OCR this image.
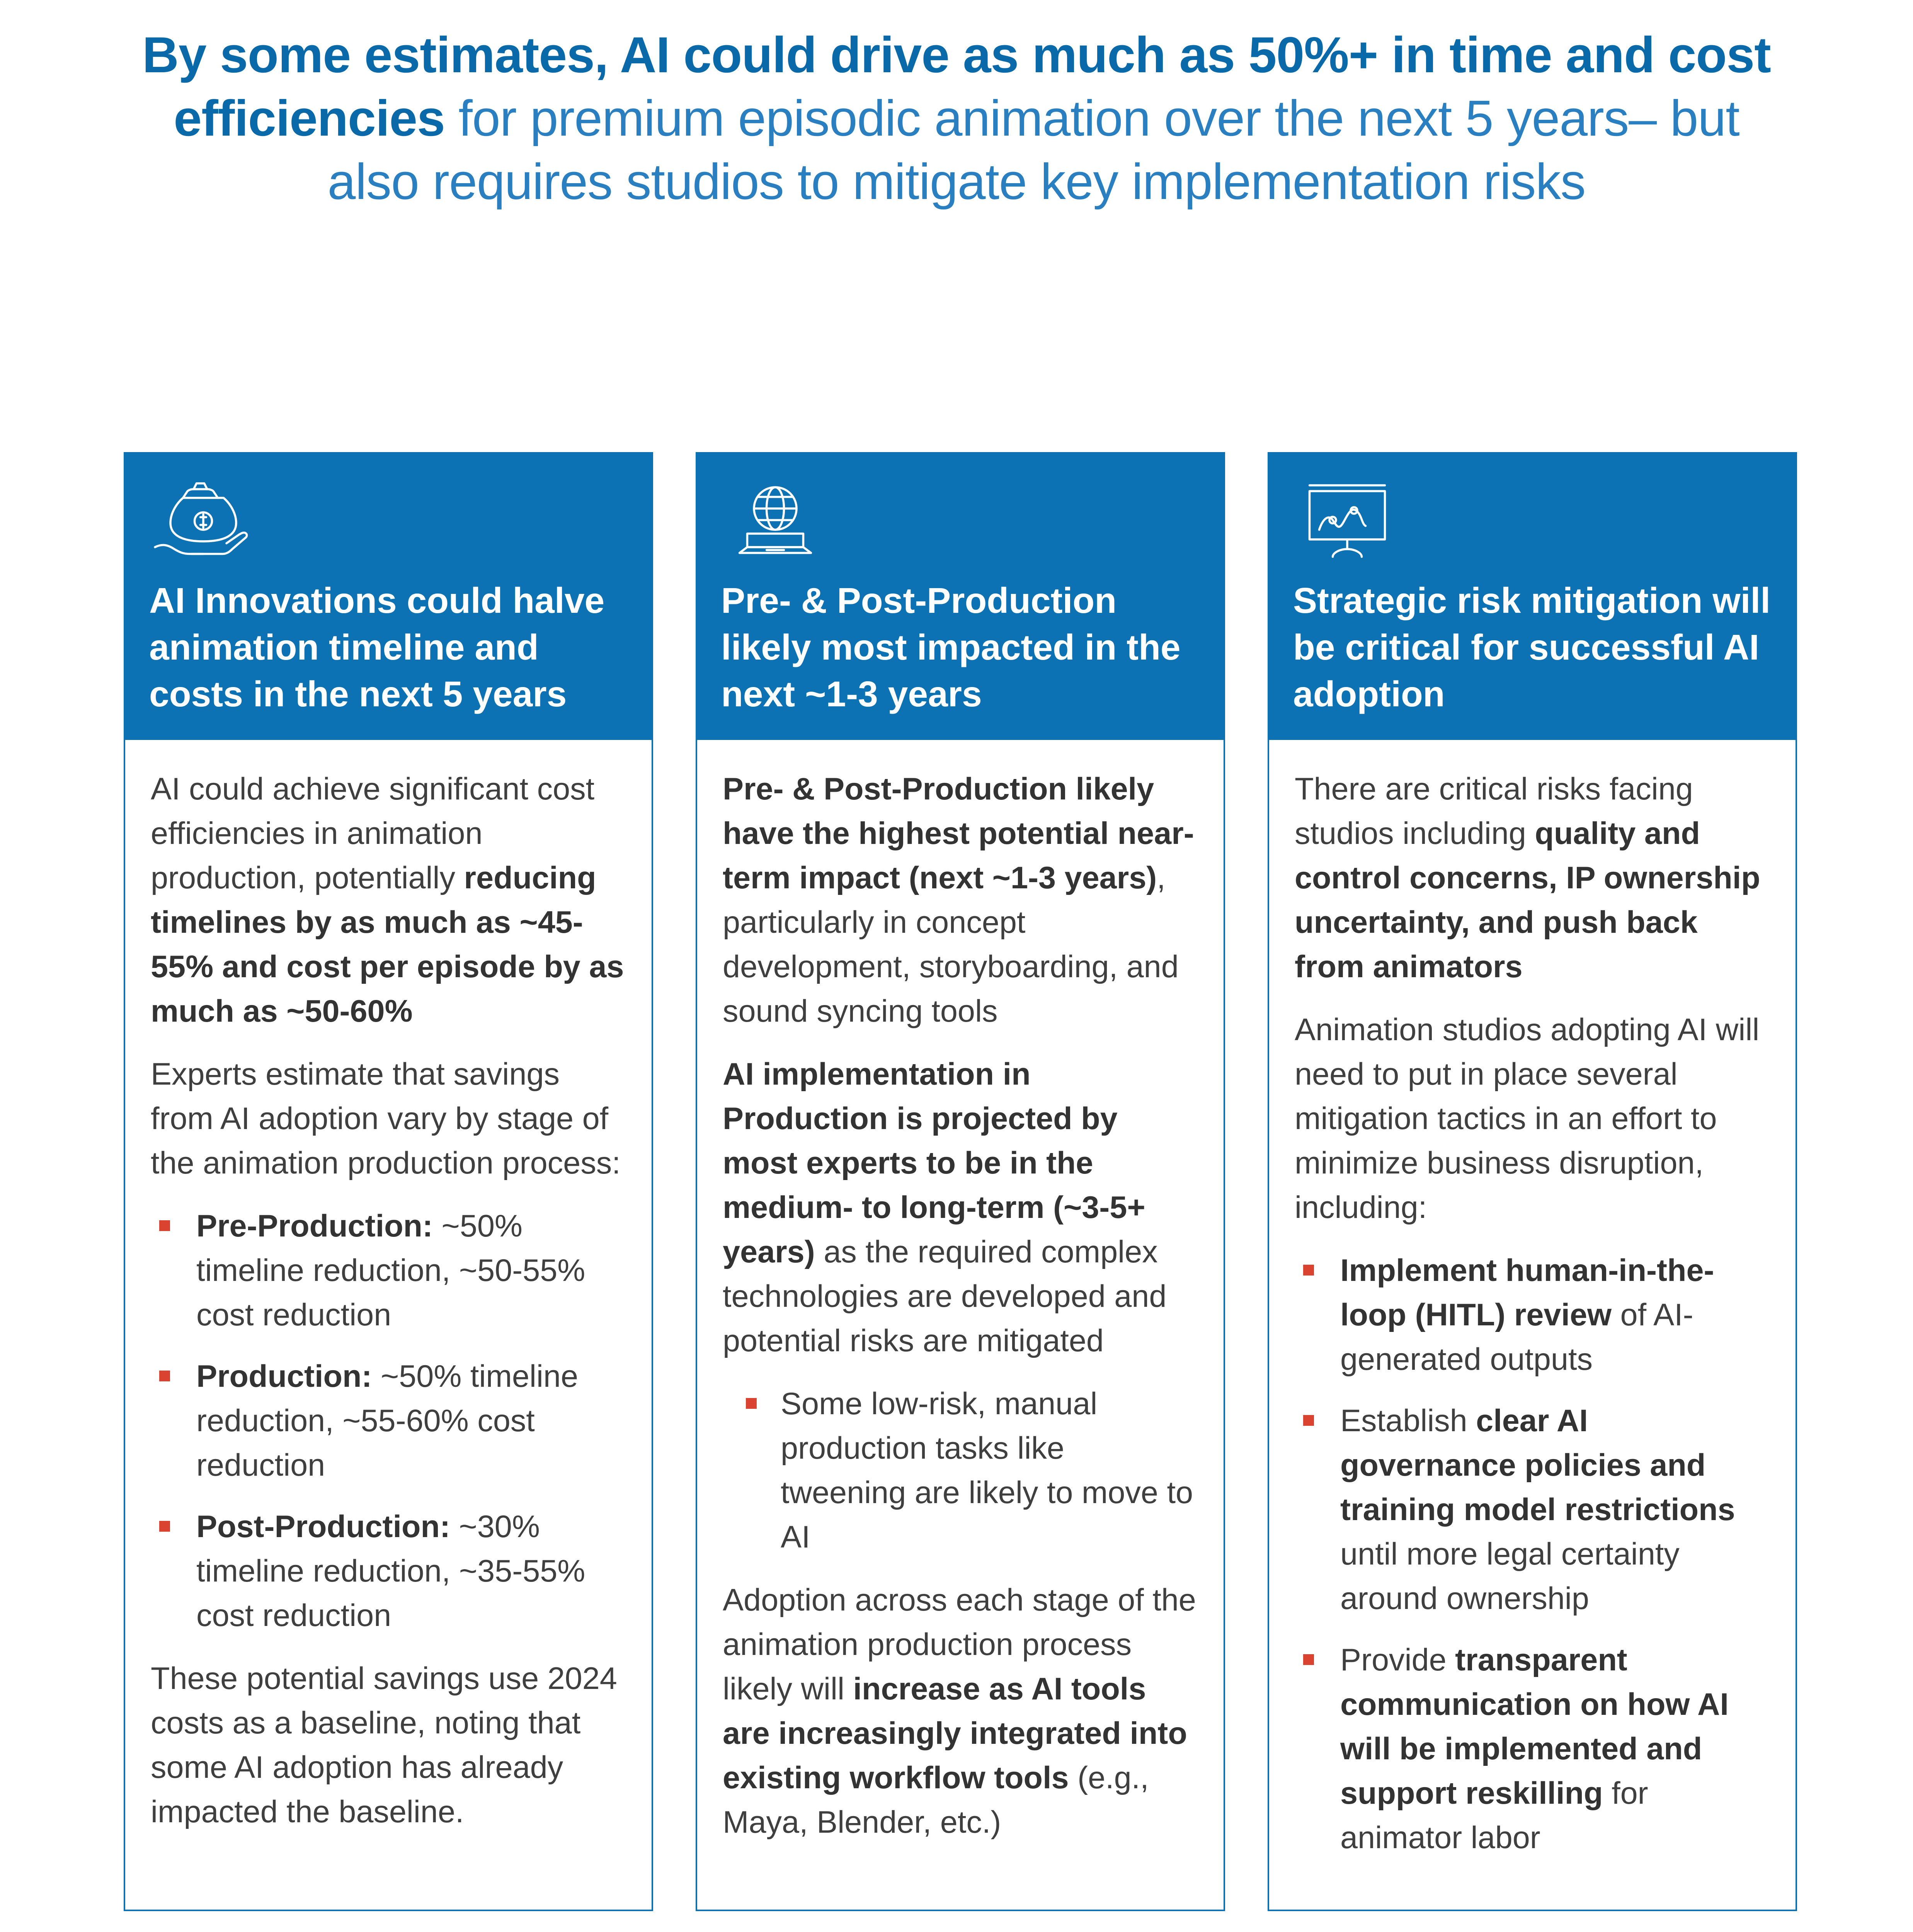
By some estimates, AI could drive as much as 50%+ in time and cost efficiencies for premium episodic animation over the next 5 years– but also requires studios to mitigate key implementation risks
AI Innovations could halve animation timeline and costs in the next 5 years

AI could achieve significant cost efficiencies in animation production, potentially reducing timelines by as much as ~45-55% and cost per episode by as much as ~50-60%

Experts estimate that savings from AI adoption vary by stage of the animation production process:

Pre-Production: ~50% timeline reduction, ~50-55% cost reduction
Production: ~50% timeline reduction, ~55-60% cost reduction
Post-Production: ~30% timeline reduction, ~35-55% cost reduction

These potential savings use 2024 costs as a baseline, noting that some AI adoption has already impacted the baseline.

Pre- & Post-Production likely most impacted in the next ~1-3 years

Pre- & Post-Production likely have the highest potential near-term impact (next ~1-3 years), particularly in concept development, storyboarding, and sound syncing tools

AI implementation in Production is projected by most experts to be in the medium- to long-term (~3-5+ years) as the required complex technologies are developed and potential risks are mitigated

Some low-risk, manual production tasks like tweening are likely to move to AI

Adoption across each stage of the animation production process likely will increase as AI tools are increasingly integrated into existing workflow tools (e.g., Maya, Blender, etc.)

Strategic risk mitigation will be critical for successful AI adoption

There are critical risks facing studios including quality and control concerns, IP ownership uncertainty, and push back from animators

Animation studios adopting AI will need to put in place several mitigation tactics in an effort to minimize business disruption, including:

Implement human-in-the-loop (HITL) review of AI-generated outputs
Establish clear AI governance policies and training model restrictions until more legal certainty around ownership
Provide transparent communication on how AI will be implemented and support reskilling for animator labor
